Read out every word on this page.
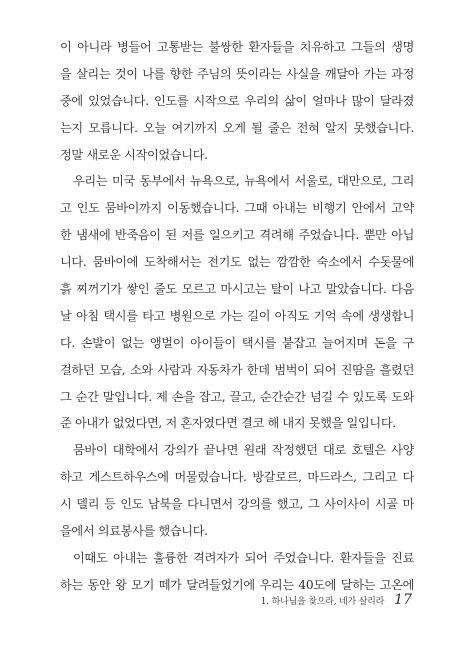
이 아니라 병들어 고통받는 불쌍한 환자들을 치유하고 그들의 생명
을 살리는 것이 나를 향한 주님의 뜻이라는 사실을 깨달아 가는 과정
중에 있었습니다. 인도를 시작으로 우리의 삶이 얼마나 많이 달라졌
는지 모릅니다. 오늘 여기까지 오게 될 줄은 전혀 알지 못했습니다.
정말 새로운 시작이었습니다.
우리는 미국 동부에서 뉴욕으로, 뉴욕에서 서울로, 대만으로, 그리
고 인도 뭄바이까지 이동했습니다. 그때 아내는 비행기 안에서 고약
한 냄새에 반죽음이 된 저를 일으키고 격려해 주었습니다. 뿐만 아닙
니다. 뭄바이에 도착해서는 전기도 없는 깜깜한 숙소에서 수돗물에
흙 찌꺼기가 쌓인 줄도 모르고 마시고는 탈이 나고 말았습니다. 다음
날 아침 택시를 타고 병원으로 가는 길이 아직도 기억 속에 생생합니
다. 손발이 없는 앵벌이 아이들이 택시를 붙잡고 늘어지며 돈을 구
걸하던 모습, 소와 사람과 자동차가 한데 범벅이 되어 진땀을 흘렸던
그 순간 말입니다. 제 손을 잡고, 끌고, 순간순간 넘길 수 있도록 도와
준 아내가 없었다면, 저 혼자였다면 결코 해 내지 못했을 일입니다.
뭄바이 대학에서 강의가 끝나면 원래 작정했던 대로 호텔은 사양
하고 게스트하우스에 머물렀습니다. 방갈로르, 마드라스, 그리고 다
시 델리 등 인도 남북을 다니면서 강의를 했고, 그 사이사이 시골 마
을에서 의료봉사를 했습니다.
이때도 아내는 훌륭한 격려자가 되어 주었습니다. 환자들을 진료
하는 동안 왕 모기 떼가 달려들었기에 우리는 40도에 달하는 고온에
1. 하나님을 찾으라, 네가 살리라 17
